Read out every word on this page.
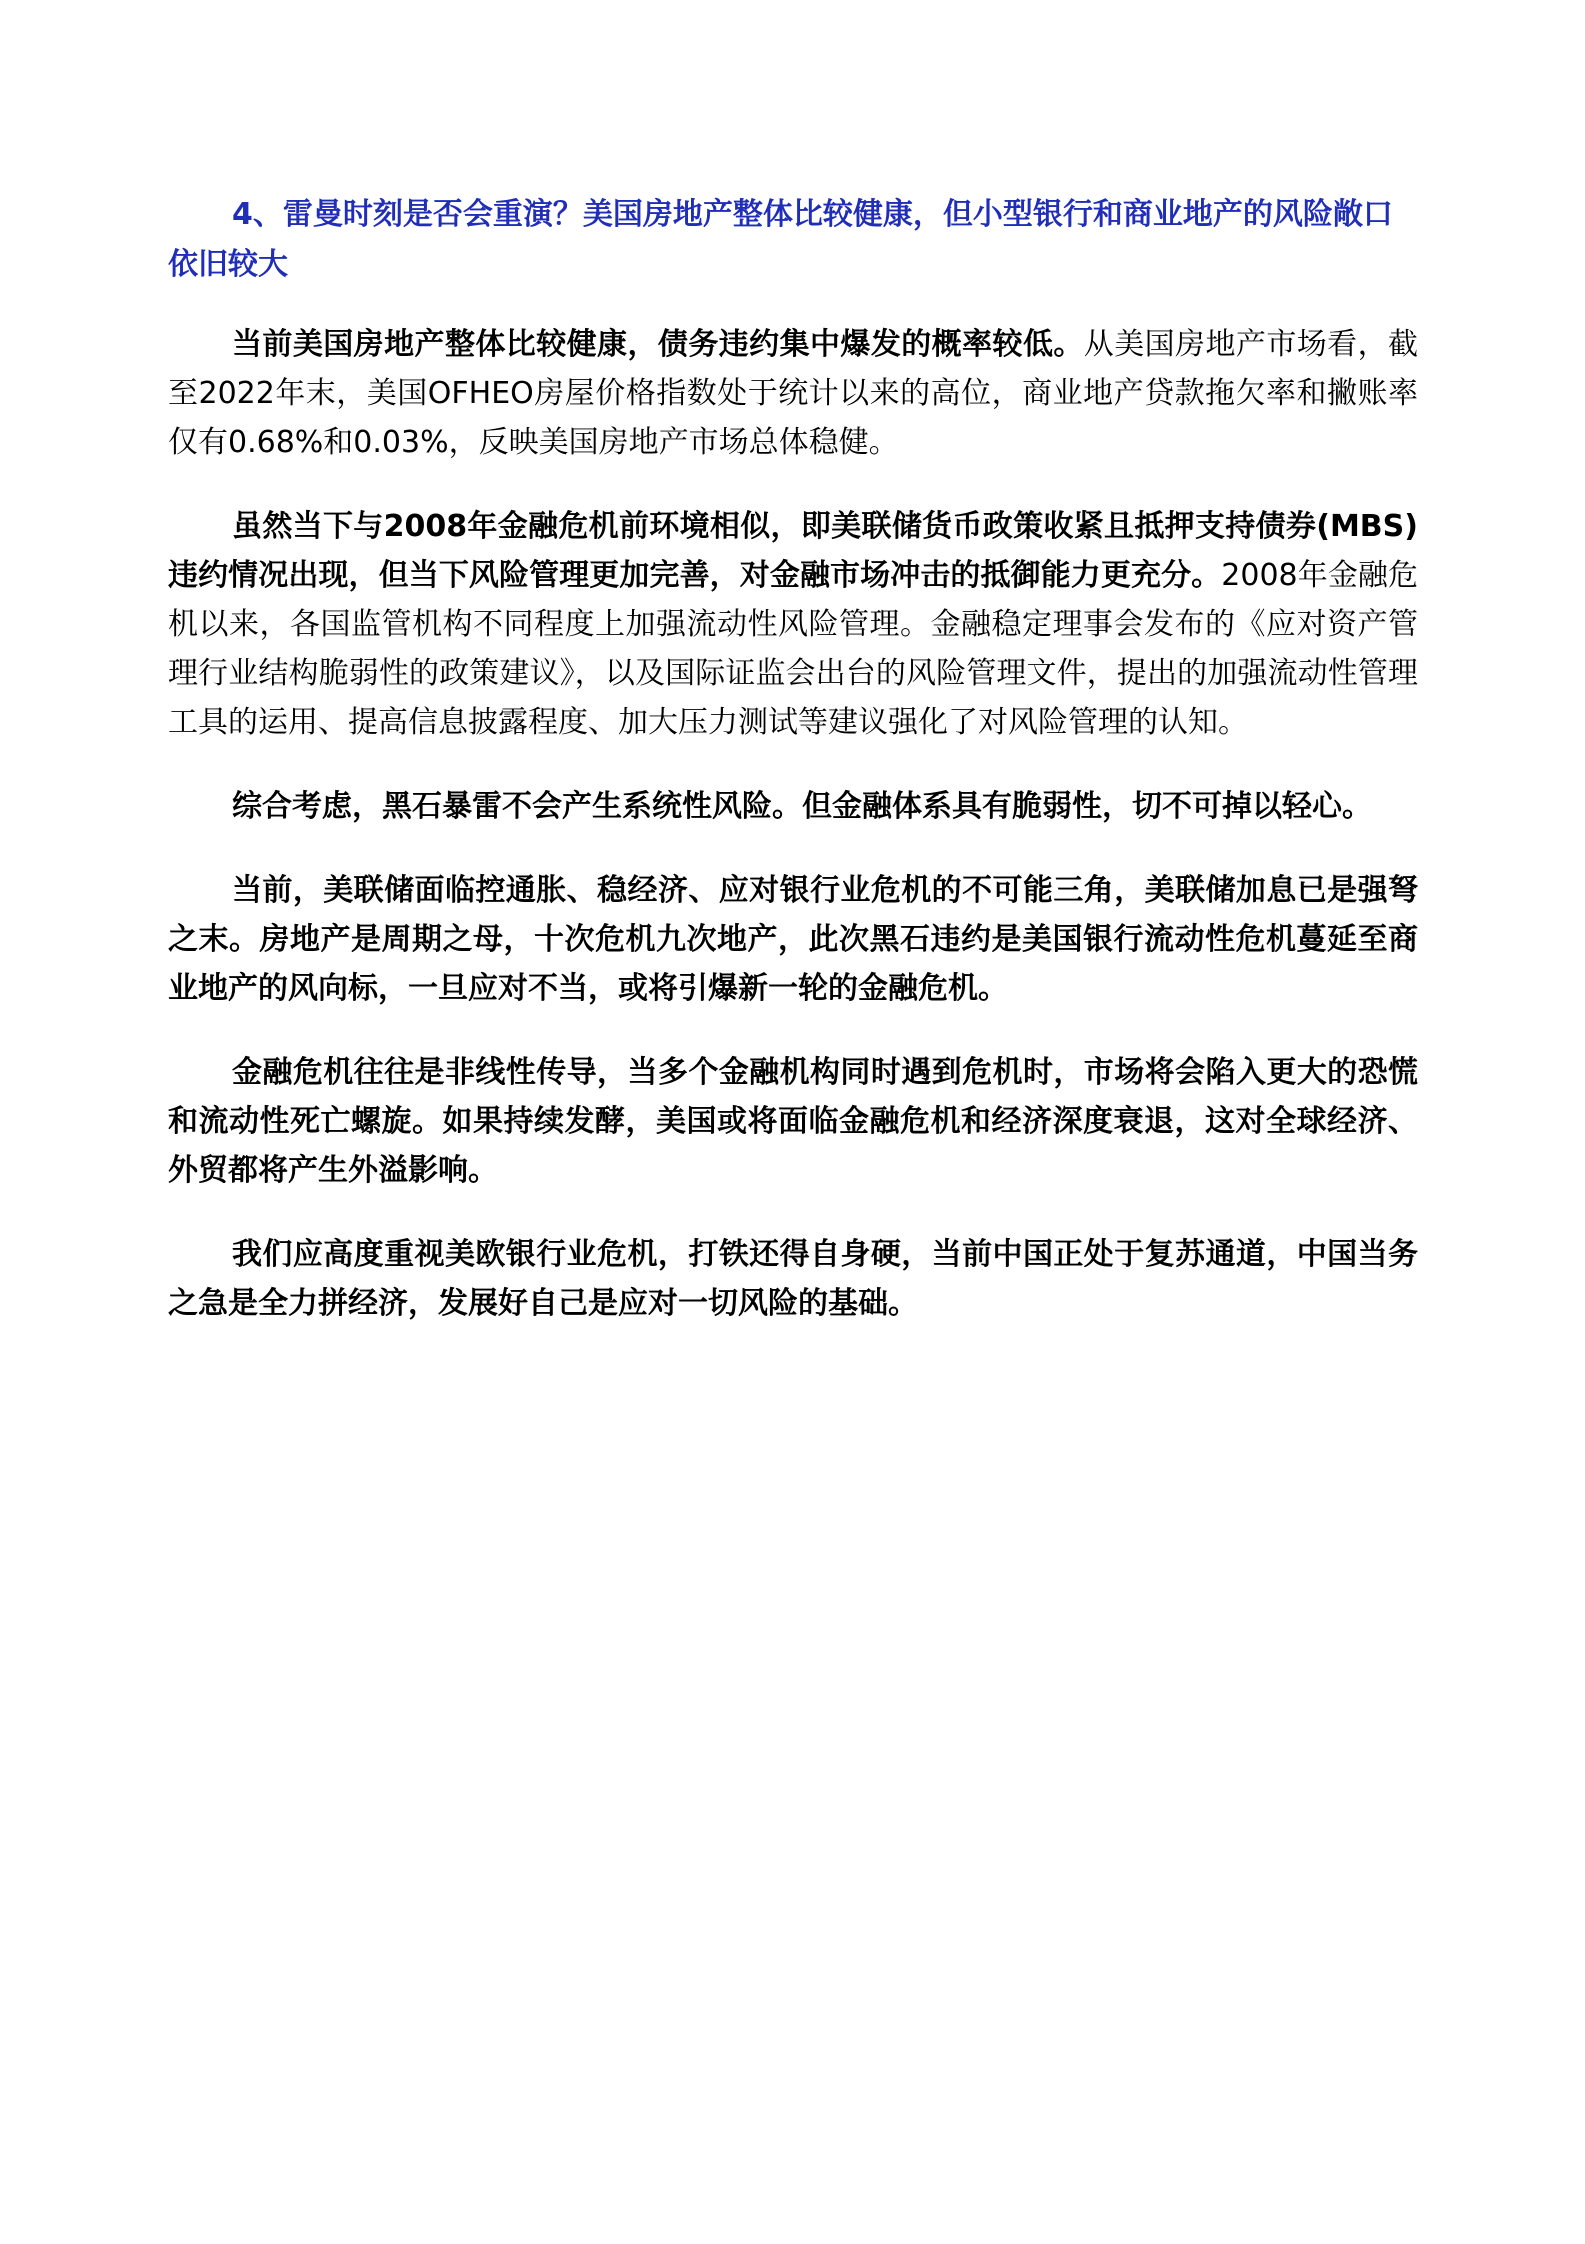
4、雷曼时刻是否会重演？美国房地产整体比较健康，但小型银行和商业地产的风险敞口依旧较大

当前美国房地产整体比较健康，债务违约集中爆发的概率较低。从美国房地产市场看，截至2022年末，美国OFHEO房屋价格指数处于统计以来的高位，商业地产贷款拖欠率和撇账率仅有0.68%和0.03%，反映美国房地产市场总体稳健。

虽然当下与2008年金融危机前环境相似，即美联储货币政策收紧且抵押支持债券(MBS)违约情况出现，但当下风险管理更加完善，对金融市场冲击的抵御能力更充分。2008年金融危机以来，各国监管机构不同程度上加强流动性风险管理。金融稳定理事会发布的《应对资产管理行业结构脆弱性的政策建议》，以及国际证监会出台的风险管理文件，提出的加强流动性管理工具的运用、提高信息披露程度、加大压力测试等建议强化了对风险管理的认知。

综合考虑，黑石暴雷不会产生系统性风险。但金融体系具有脆弱性，切不可掉以轻心。

当前，美联储面临控通胀、稳经济、应对银行业危机的不可能三角，美联储加息已是强弩之末。房地产是周期之母，十次危机九次地产，此次黑石违约是美国银行流动性危机蔓延至商业地产的风向标，一旦应对不当，或将引爆新一轮的金融危机。

金融危机往往是非线性传导，当多个金融机构同时遇到危机时，市场将会陷入更大的恐慌和流动性死亡螺旋。如果持续发酵，美国或将面临金融危机和经济深度衰退，这对全球经济、外贸都将产生外溢影响。

我们应高度重视美欧银行业危机，打铁还得自身硬，当前中国正处于复苏通道，中国当务之急是全力拼经济，发展好自己是应对一切风险的基础。
